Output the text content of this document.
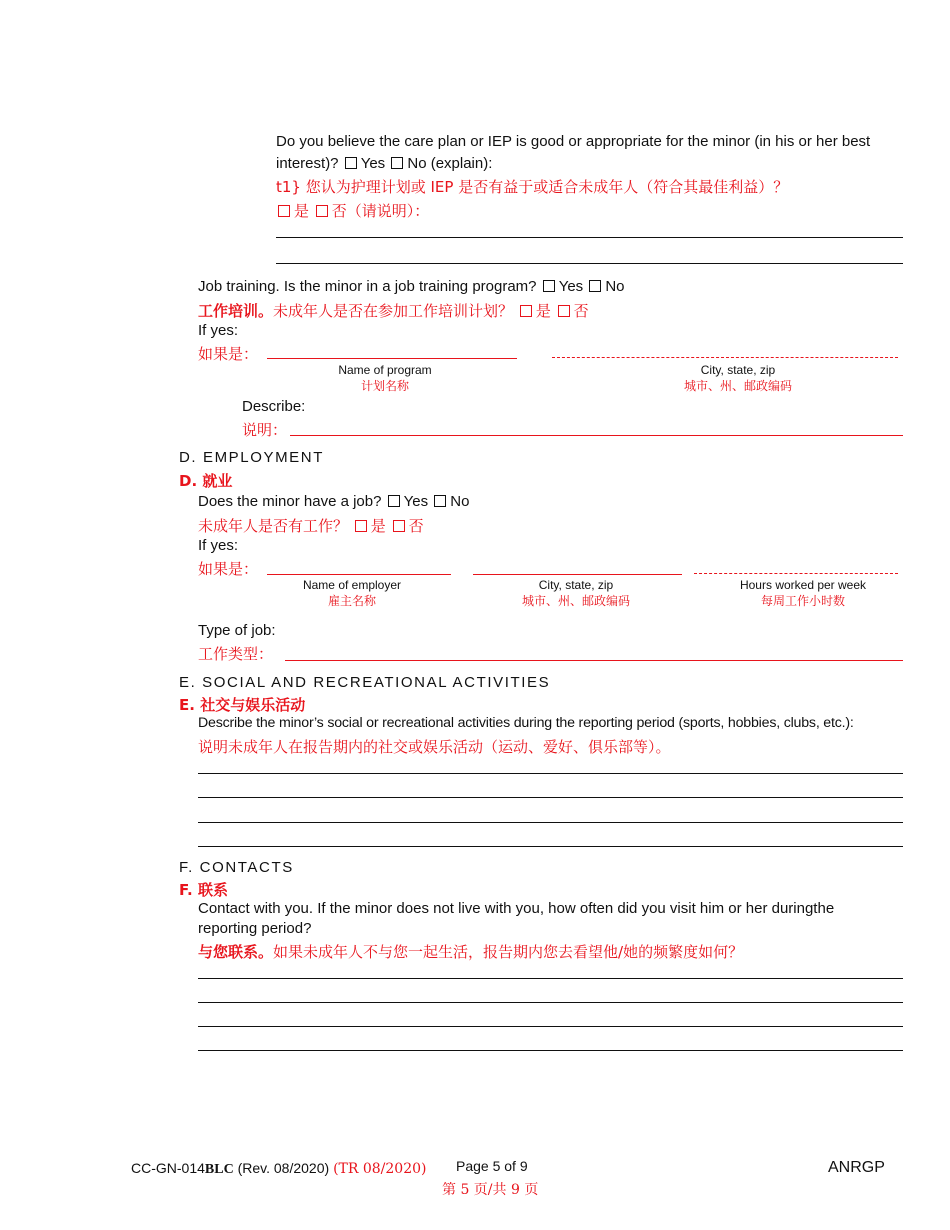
Do you believe the care plan or IEP is good or appropriate for the minor (in his or her best
interest)? Yes No (explain):
t1} 您认为护理计划或 IEP 是否有益于或适合未成年人（符合其最佳利益）？
是 否（请说明）：
Job training. Is the minor in a job training program? Yes No
工作培训。未成年人是否在参加工作培训计划？ 是 否
If yes:
如果是：
Name of program
计划名称
City, state, zip
城市、州、邮政编码
Describe:
说明：
D. EMPLOYMENT
D. 就业
Does the minor have a job? Yes No
未成年人是否有工作？ 是 否
If yes:
如果是：
Name of employer
雇主名称
City, state, zip
城市、州、邮政编码
Hours worked per week
每周工作小时数
Type of job:
工作类型：
E. SOCIAL AND RECREATIONAL ACTIVITIES
E. 社交与娱乐活动
Describe the minor’s social or recreational activities during the reporting period (sports, hobbies, clubs, etc.):
说明未成年人在报告期内的社交或娱乐活动（运动、爱好、俱乐部等）。
F. CONTACTS
F. 联系
Contact with you. If the minor does not live with you, how often did you visit him or her duringthe
reporting period?
与您联系。如果未成年人不与您一起生活，报告期内您去看望他/她的频繁度如何？
CC-GN-014BLC (Rev. 08/2020) (TR 08/2020) Page 5 of 9
第 5 页/共 9 页
ANRGP
